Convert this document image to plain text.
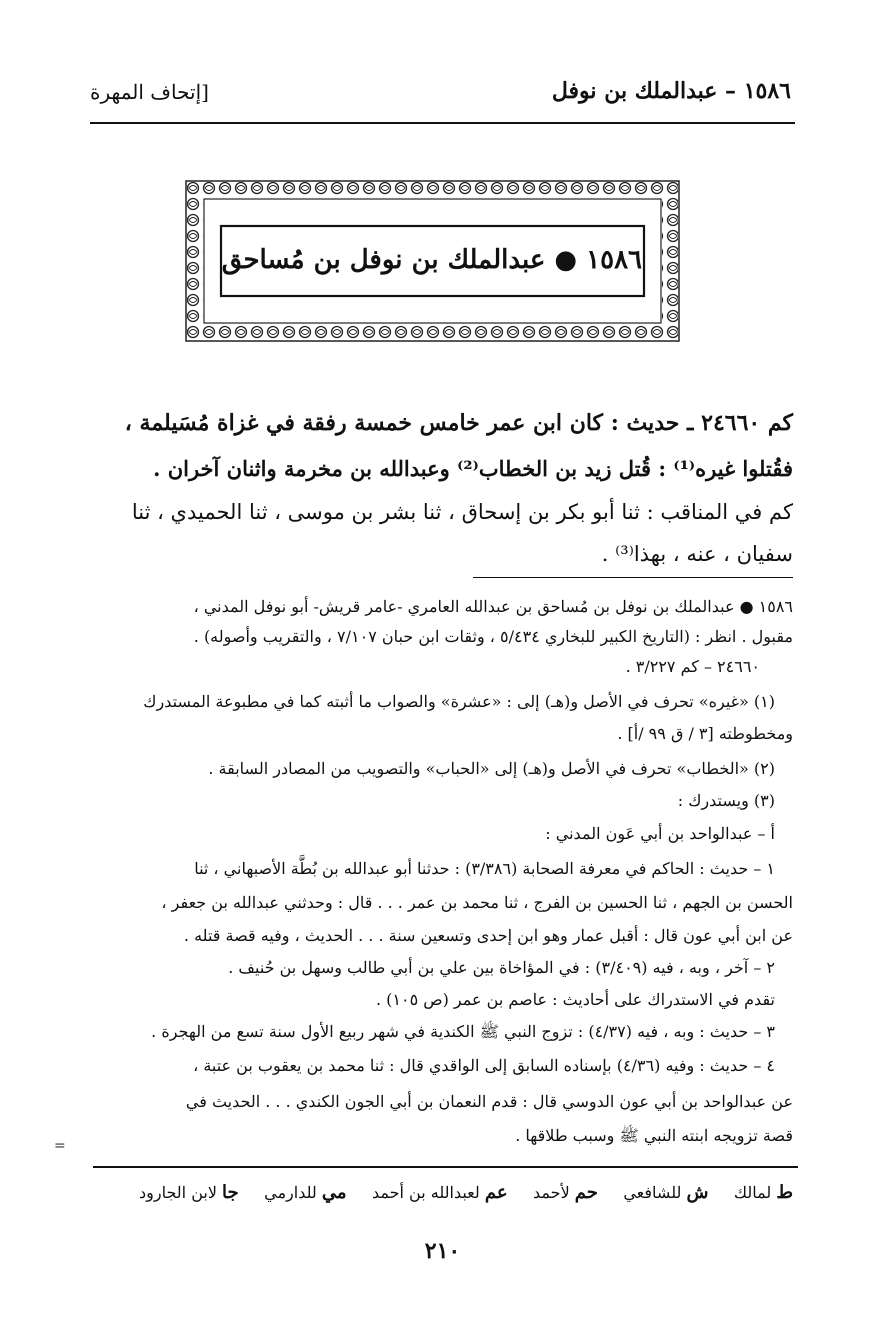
١٥٨٦ – عبدالملك بن نوفل
[إتحاف المهرة
١٥٨٦ ● عبدالملك بن نوفل بن مُساحق
كم ٢٤٦٦٠ ـ حديث : كان ابن عمر خامس خمسة رفقة في غزاة مُسَيلمة ،
فقُتلوا غيره⁽¹⁾ : قُتل زيد بن الخطاب⁽²⁾ وعبدالله بن مخرمة واثنان آخران .
كم في المناقب : ثنا أبو بكر بن إسحاق ، ثنا بشر بن موسى ، ثنا الحميدي ، ثنا
سفيان ، عنه ، بهذا⁽³⁾ .
١٥٨٦ ● عبدالملك بن نوفل بن مُساحق بن عبدالله العامري -عامر قريش- أبو نوفل المدني ،
مقبول . انظر : (التاريخ الكبير للبخاري ٥/٤٣٤ ، وثقات ابن حبان ٧/١٠٧ ، والتقريب وأصوله) .
٢٤٦٦٠ – كم ٣/٢٢٧ .
(١) «غيره» تحرف في الأصل و(هـ) إلى : «عشرة» والصواب ما أثبته كما في مطبوعة المستدرك
ومخطوطته [٣ / ق ٩٩ /أ] .
(٢) «الخطاب» تحرف في الأصل و(هـ) إلى «الحباب» والتصويب من المصادر السابقة .
(٣) ويستدرك :
أ – عبدالواحد بن أبي عَون المدني :
١ – حديث : الحاكم في معرفة الصحابة (٣/٣٨٦) : حدثنا أبو عبدالله بن بُطَّة الأصبهاني ، ثنا
الحسن بن الجهم ، ثنا الحسين بن الفرج ، ثنا محمد بن عمر . . . قال : وحدثني عبدالله بن جعفر ،
عن ابن أبي عون قال : أقبل عمار وهو ابن إحدى وتسعين سنة . . . الحديث ، وفيه قصة قتله .
٢ – آخر ، وبه ، فيه (٣/٤٠٩) : في المؤاخاة بين علي بن أبي طالب وسهل بن حُنيف .
تقدم في الاستدراك على أحاديث : عاصم بن عمر (ص ١٠٥) .
٣ – حديث : وبه ، فيه (٤/٣٧) : تزوج النبي ﷺ الكندية في شهر ربيع الأول سنة تسع من الهجرة .
٤ – حديث : وفيه (٤/٣٦) بإسناده السابق إلى الواقدي قال : ثنا محمد بن يعقوب بن عتبة ،
عن عبدالواحد بن أبي عون الدوسي قال : قدم النعمان بن أبي الجون الكندي . . . الحديث في
قصة تزويجه ابنته النبي ﷺ وسبب طلاقها .
=
ط لمالك     ش للشافعي     حم لأحمد     عم لعبدالله بن أحمد     مي للدارمي     جا لابن الجارود
٢١٠
